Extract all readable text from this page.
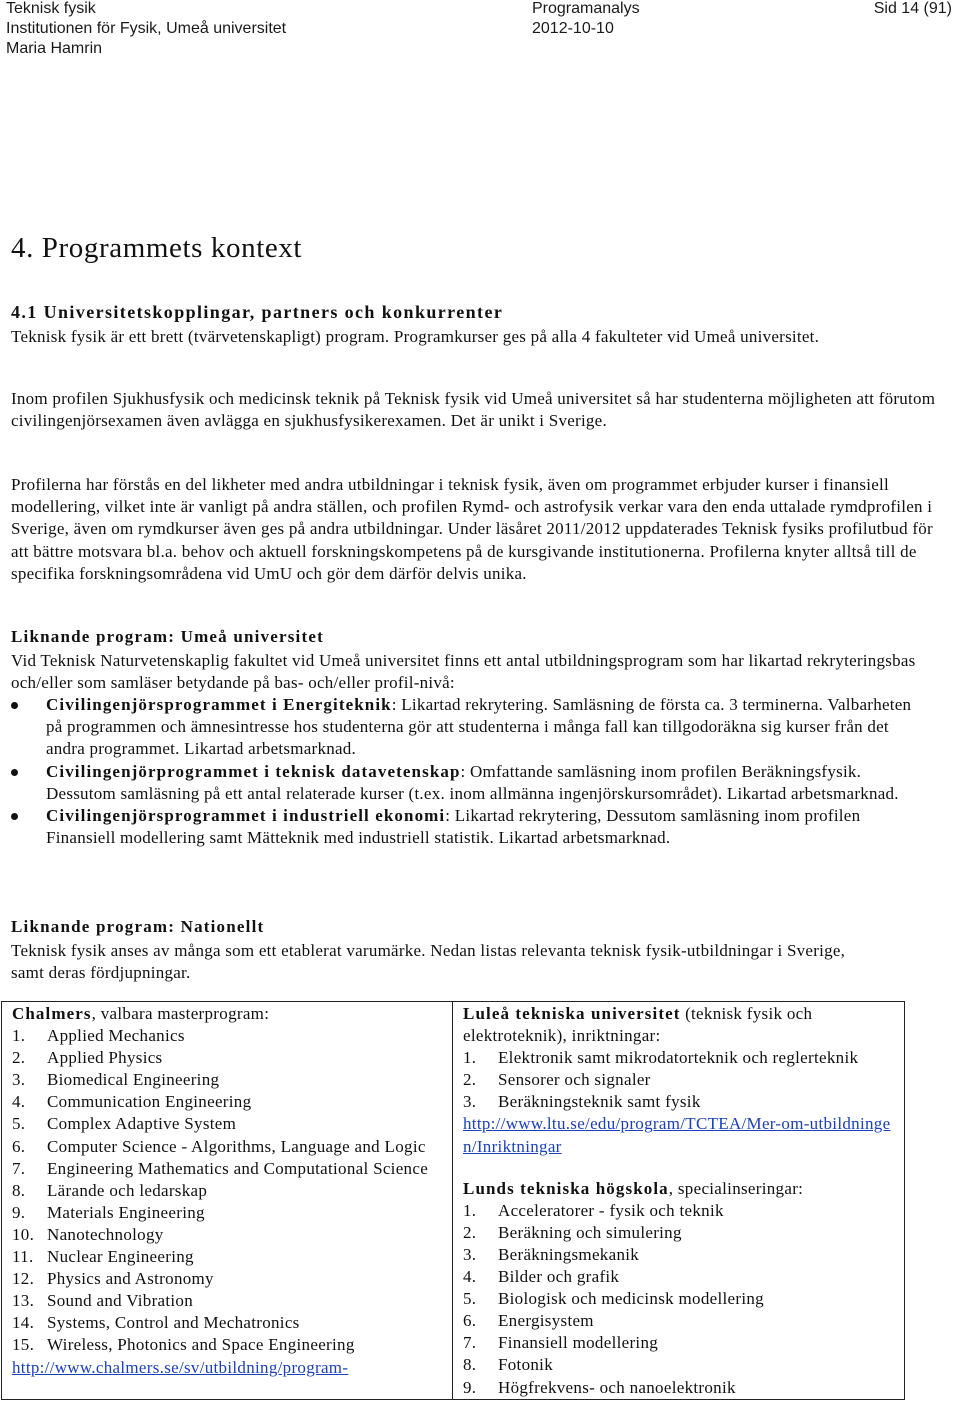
Teknisk fysik
Institutionen för Fysik, Umeå universitet
Maria Hamrin
Programanalys
2012-10-10
Sid 14 (91)
4. Programmets kontext
4.1 Universitetskopplingar, partners och konkurrenter

Teknisk fysik är ett brett (tvärvetenskapligt) program. Programkurser ges på alla 4 fakulteter vid Umeå universitet.

Inom profilen Sjukhusfysik och medicinsk teknik på Teknisk fysik vid Umeå universitet så har studenterna möjligheten att förutom civilingenjörsexamen även avlägga en sjukhusfysikerexamen. Det är unikt i Sverige.

Profilerna har förstås en del likheter med andra utbildningar i teknisk fysik, även om programmet erbjuder kurser i finansiell modellering, vilket inte är vanligt på andra ställen, och profilen Rymd- och astrofysik verkar vara den enda uttalade rymdprofilen i Sverige, även om rymdkurser även ges på andra utbildningar. Under läsåret 2011/2012 uppdaterades Teknisk fysiks profilutbud för att bättre motsvara bl.a. behov och aktuell forskningskompetens på de kursgivande institutionerna. Profilerna knyter alltså till de specifika forskningsområdena vid UmU och gör dem därför delvis unika.

Liknande program: Umeå universitet

Vid Teknisk Naturvetenskaplig fakultet vid Umeå universitet finns ett antal utbildningsprogram som har likartad rekryteringsbas och/eller som samläser betydande på bas- och/eller profil-nivå:

Civilingenjörsprogrammet i Energiteknik: Likartad rekrytering. Samläsning de första ca. 3 terminerna. Valbarheten på programmen och ämnesintresse hos studenterna gör att studenterna i många fall kan tillgodoräkna sig kurser från det andra programmet. Likartad arbetsmarknad.
Civilingenjörprogrammet i teknisk datavetenskap: Omfattande samläsning inom profilen Beräkningsfysik. Dessutom samläsning på ett antal relaterade kurser (t.ex. inom allmänna ingenjörskursområdet). Likartad arbetsmarknad.
Civilingenjörsprogrammet i industriell ekonomi: Likartad rekrytering, Dessutom samläsning inom profilen Finansiell modellering samt Mätteknik med industriell statistik. Likartad arbetsmarknad.

Liknande program: Nationellt

Teknisk fysik anses av många som ett etablerat varumärke. Nedan listas relevanta teknisk fysik-utbildningar i Sverige, samt deras fördjupningar.

Chalmers, valbara masterprogram:
1. Applied Mechanics
2. Applied Physics
3. Biomedical Engineering
4. Communication Engineering
5. Complex Adaptive System
6. Computer Science - Algorithms, Language and Logic
7. Engineering Mathematics and Computational Science
8. Lärande och ledarskap
9. Materials Engineering
10. Nanotechnology
11. Nuclear Engineering
12. Physics and Astronomy
13. Sound and Vibration
14. Systems, Control and Mechatronics
15. Wireless, Photonics and Space Engineering
http://www.chalmers.se/sv/utbildning/program-	
Luleå tekniska universitet (teknisk fysik och elektroteknik), inriktningar:
1. Elektronik samt mikrodatorteknik och reglerteknik
2. Sensorer och signaler
3. Beräkningsteknik samt fysik
http://www.ltu.se/edu/program/TCTEA/Mer-om-utbildningen/Inriktningar
Lunds tekniska högskola, specialinseringar:
1. Acceleratorer - fysik och teknik
2. Beräkning och simulering
3. Beräkningsmekanik
4. Bilder och grafik
5. Biologisk och medicinsk modellering
6. Energisystem
7. Finansiell modellering
8. Fotonik
9. Högfrekvens- och nanoelektronik
